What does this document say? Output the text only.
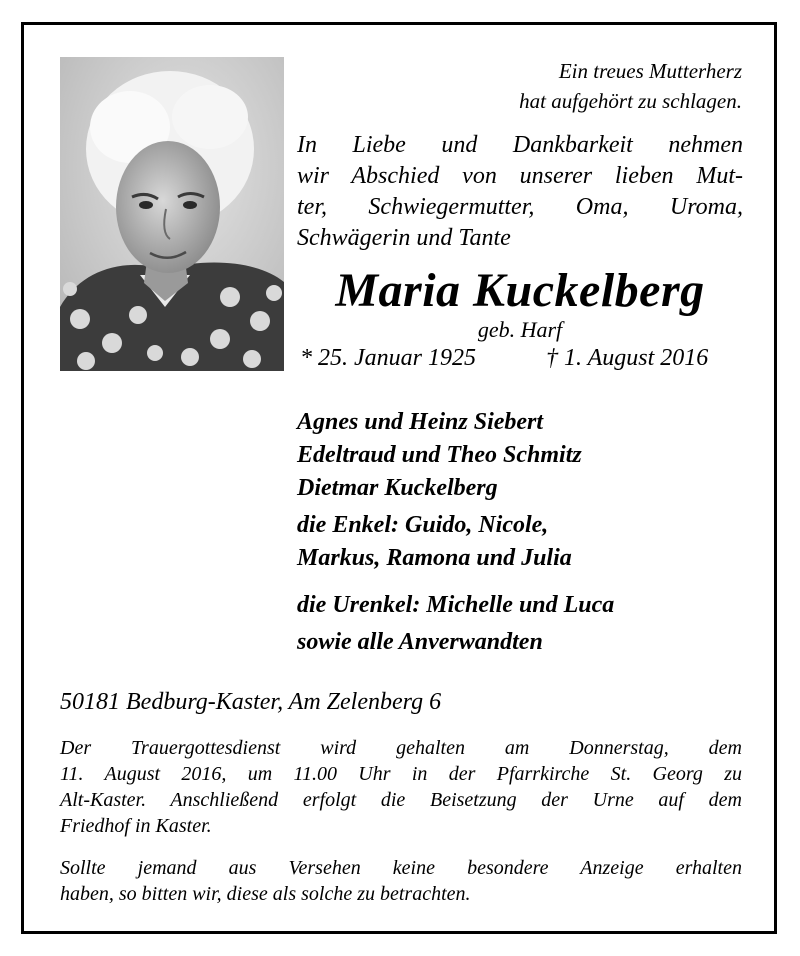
Ein treues Mutterherz
hat aufgehört zu schlagen.
In Liebe und Dankbarkeit nehmen
wir Abschied von unserer lieben Mut-
ter, Schwiegermutter, Oma, Uroma,
Schwägerin und Tante
Maria Kuckelberg
geb. Harf
* 25. Januar 1925	† 1. August 2016
Agnes und Heinz Siebert
Edeltraud und Theo Schmitz
Dietmar Kuckelberg
die Enkel: Guido, Nicole,
Markus, Ramona und Julia
die Urenkel: Michelle und Luca
sowie alle Anverwandten
50181 Bedburg-Kaster, Am Zelenberg 6
Der Trauergottesdienst wird gehalten am Donnerstag, dem
11. August 2016, um 11.00 Uhr in der Pfarrkirche St. Georg zu
Alt-Kaster. Anschließend erfolgt die Beisetzung der Urne auf dem
Friedhof in Kaster.
Sollte jemand aus Versehen keine besondere Anzeige erhalten
haben, so bitten wir, diese als solche zu betrachten.
